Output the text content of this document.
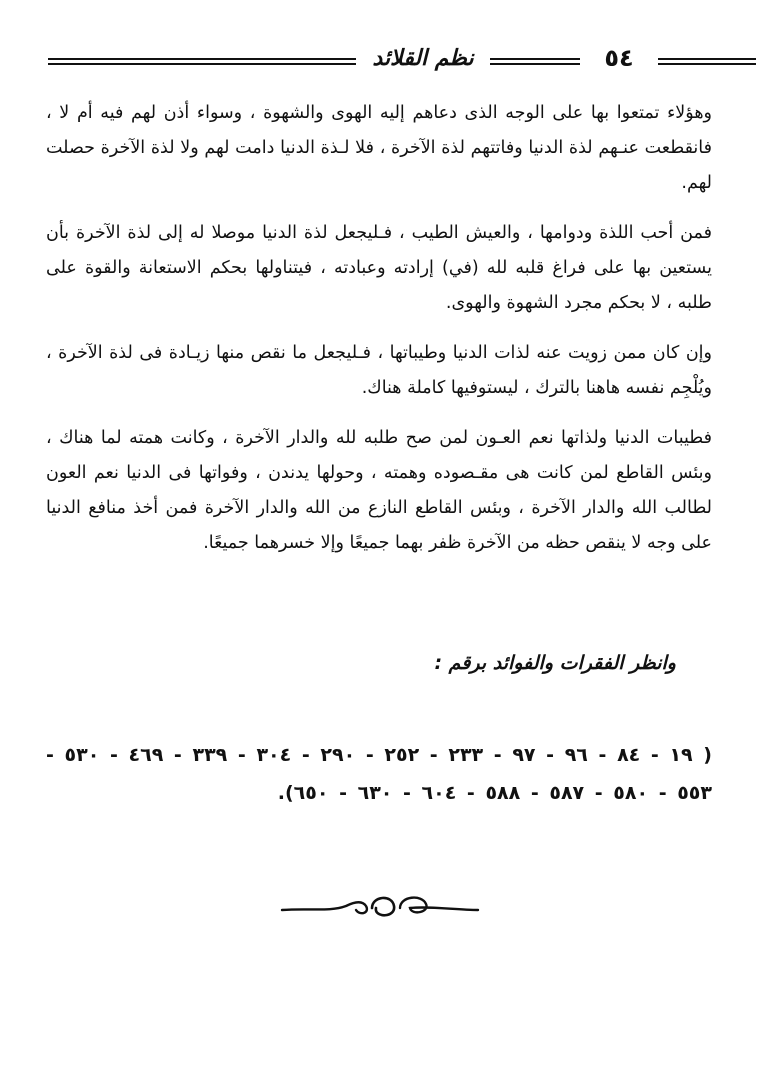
نظم القلائد	٥٤

وهؤلاء تمتعوا بها على الوجه الذى دعاهم إليه الهوى والشهوة ، وسواء أذن لهم فيه أم لا ، فانقطعت عنـهم لذة الدنيا وفاتتهم لذة الآخرة ، فلا لـذة الدنيا دامت لهم ولا لذة الآخرة حصلت لهم.

فمن أحب اللذة ودوامها ، والعيش الطيب ، فـليجعل لذة الدنيا موصلا له إلى لذة الآخرة بأن يستعين بها على فراغ قلبه لله (في) إرادته وعبادته ، فيتناولها بحكم الاستعانة والقوة على طلبه ، لا بحكم مجرد الشهوة والهوى.

وإن كان ممن زويت عنه لذات الدنيا وطيباتها ، فـليجعل ما نقص منها زيـادة فى لذة الآخرة ، ويُلْجِم نفسه هاهنا بالترك ، ليستوفيها كاملة هناك.

فطيبات الدنيا ولذاتها نعم العـون لمن صح طلبه لله والدار الآخرة ، وكانت همته لما هناك ، وبئس القاطع لمن كانت هى مقـصوده وهمته ، وحولها يدندن ، وفواتها فى الدنيا نعم العون لطالب الله والدار الآخرة ، وبئس القاطع النازع من الله والدار الآخرة فمن أخذ منافع الدنيا على وجه لا ينقص حظه من الآخرة ظفر بهما جميعًا وإلا خسرهما جميعًا.

وانظر الفقرات والفوائد برقم :
( ١٩ - ٨٤ - ٩٦ - ٩٧ - ٢٣٣ - ٢٥٢ - ٢٩٠ - ٣٠٤ - ٣٣٩ - ٤٦٩ - ٥٣٠ - ٥٥٣ - ٥٨٠ - ٥٨٧ - ٥٨٨ - ٦٠٤ - ٦٣٠ - ٦٥٠).
